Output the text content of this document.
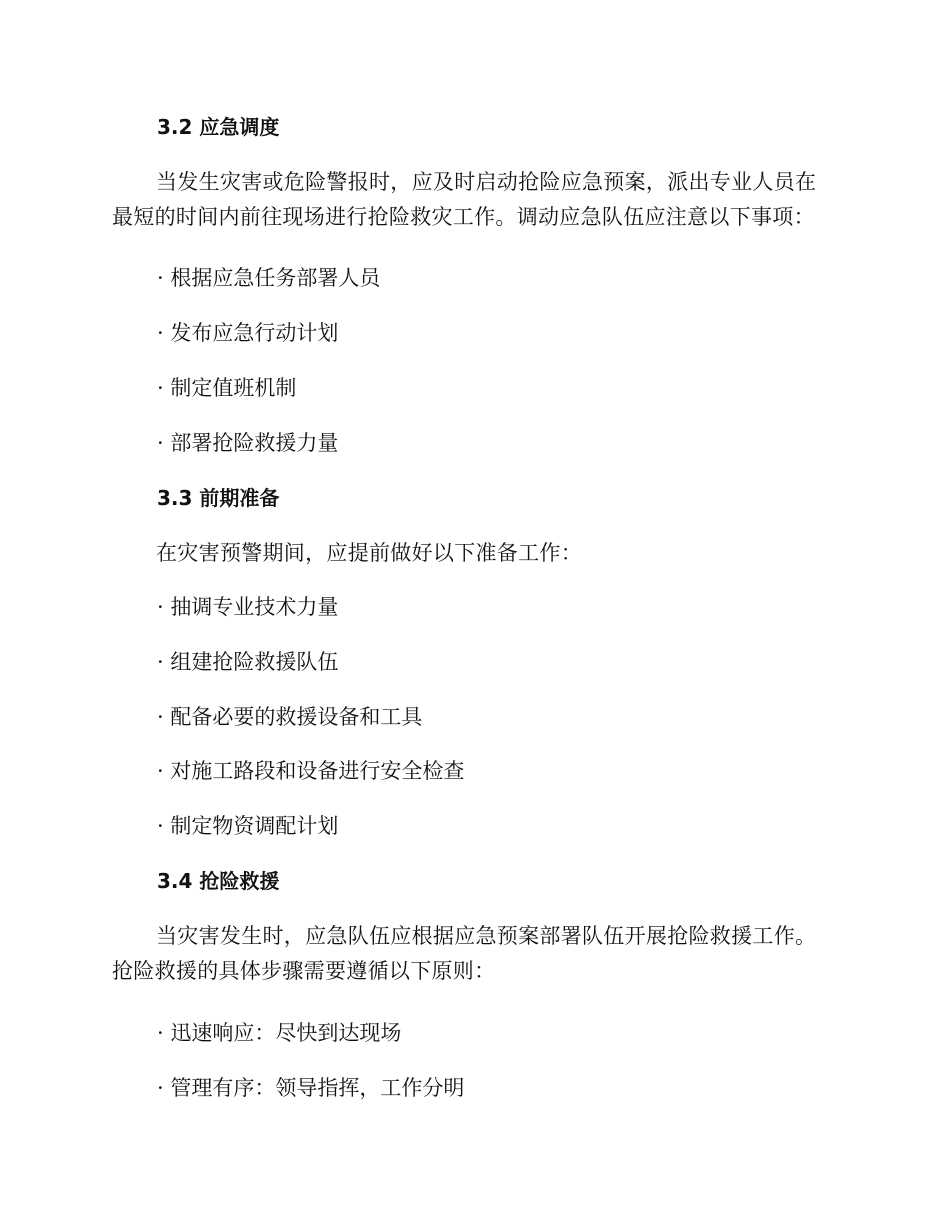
3.2 应急调度

当发生灾害或危险警报时，应及时启动抢险应急预案，派出专业人员在最短的时间内前往现场进行抢险救灾工作。调动应急队伍应注意以下事项：

· 根据应急任务部署人员

· 发布应急行动计划

· 制定值班机制

· 部署抢险救援力量

3.3 前期准备

在灾害预警期间，应提前做好以下准备工作：

· 抽调专业技术力量

· 组建抢险救援队伍

· 配备必要的救援设备和工具

· 对施工路段和设备进行安全检查

· 制定物资调配计划

3.4 抢险救援

当灾害发生时，应急队伍应根据应急预案部署队伍开展抢险救援工作。抢险救援的具体步骤需要遵循以下原则：

· 迅速响应：尽快到达现场

· 管理有序：领导指挥，工作分明
